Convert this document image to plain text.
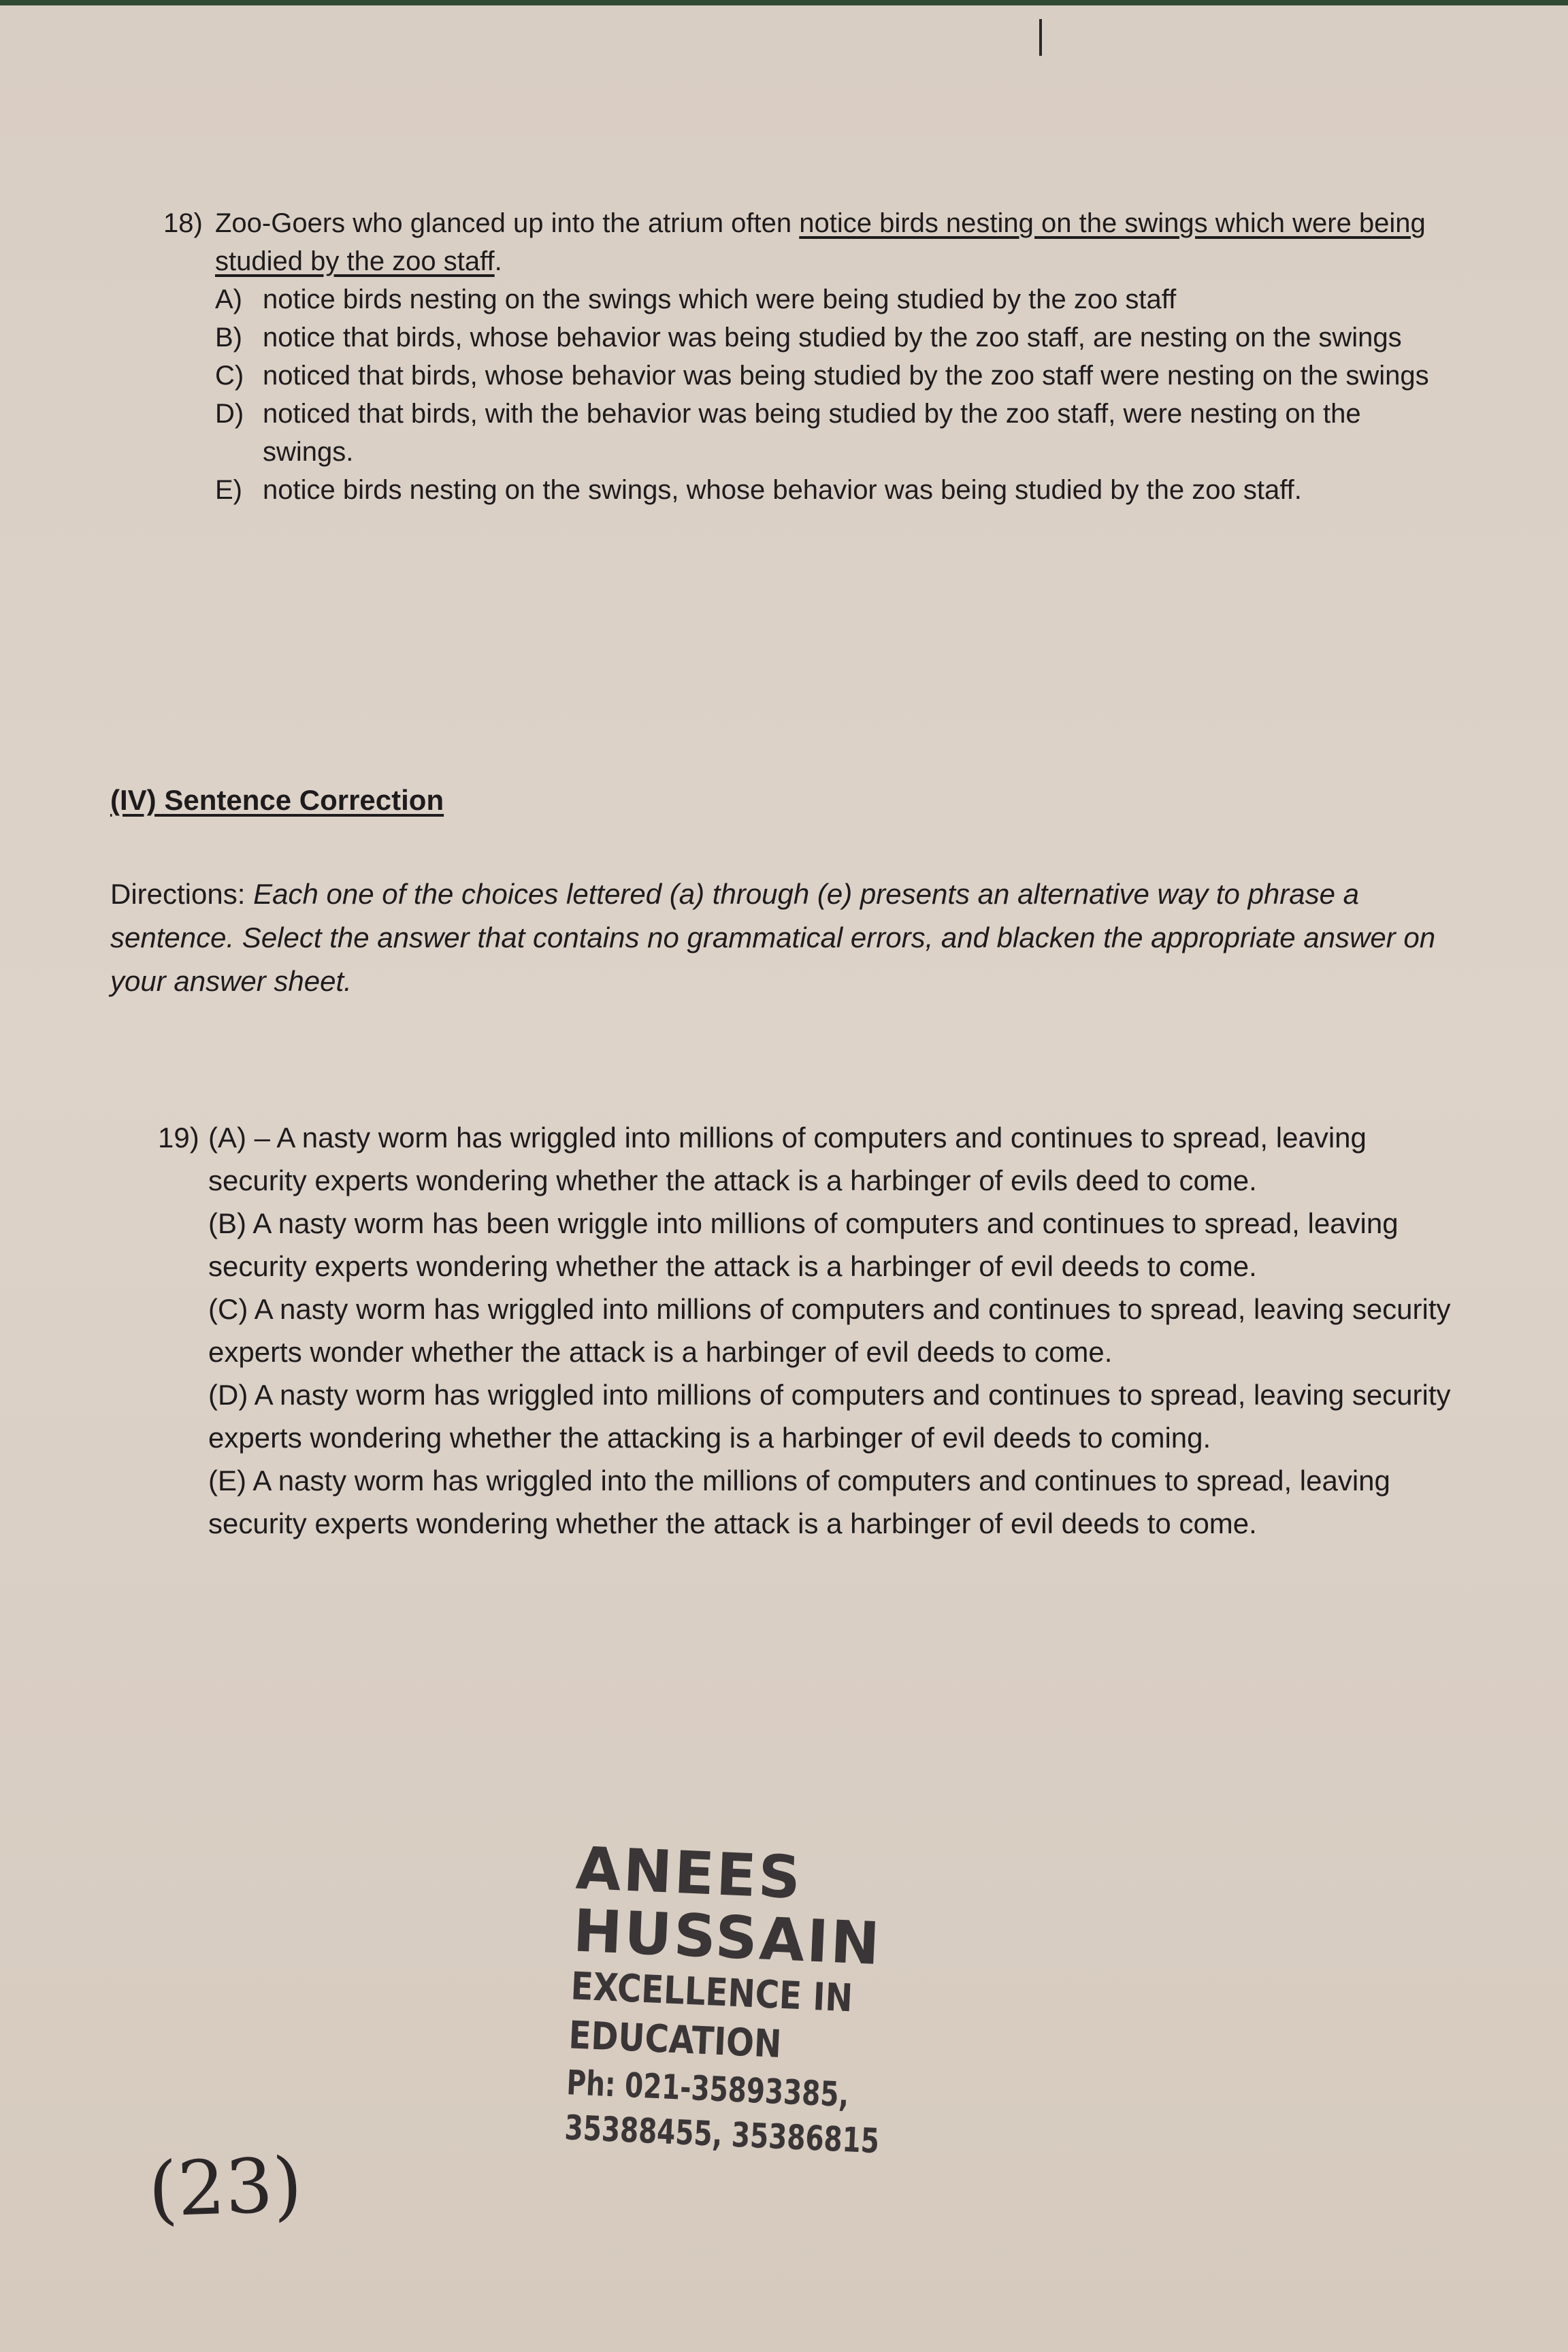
18) Zoo-Goers who glanced up into the atrium often notice birds nesting on the swings which were being studied by the zoo staff.
A) notice birds nesting on the swings which were being studied by the zoo staff
B) notice that birds, whose behavior was being studied by the zoo staff, are nesting on the swings
C) noticed that birds, whose behavior was being studied by the zoo staff were nesting on the swings
D) noticed that birds, with the behavior was being studied by the zoo staff, were nesting on the swings.
E) notice birds nesting on the swings, whose behavior was being studied by the zoo staff.
(IV) Sentence Correction
Directions: Each one of the choices lettered (a) through (e) presents an alternative way to phrase a sentence. Select the answer that contains no grammatical errors, and blacken the appropriate answer on your answer sheet.
19) (A) – A nasty worm has wriggled into millions of computers and continues to spread, leaving security experts wondering whether the attack is a harbinger of evils deed to come.
(B) A nasty worm has been wriggle into millions of computers and continues to spread, leaving security experts wondering whether the attack is a harbinger of evil deeds to come.
(C) A nasty worm has wriggled into millions of computers and continues to spread, leaving security experts wonder whether the attack is a harbinger of evil deeds to come.
(D) A nasty worm has wriggled into millions of computers and continues to spread, leaving security experts wondering whether the attacking is a harbinger of evil deeds to coming.
(E) A nasty worm has wriggled into the millions of computers and continues to spread, leaving security experts wondering whether the attack is a harbinger of evil deeds to come.
ANEES HUSSAIN
EXCELLENCE IN EDUCATION
Ph: 021-35893385, 35388455, 35386815
(23)
